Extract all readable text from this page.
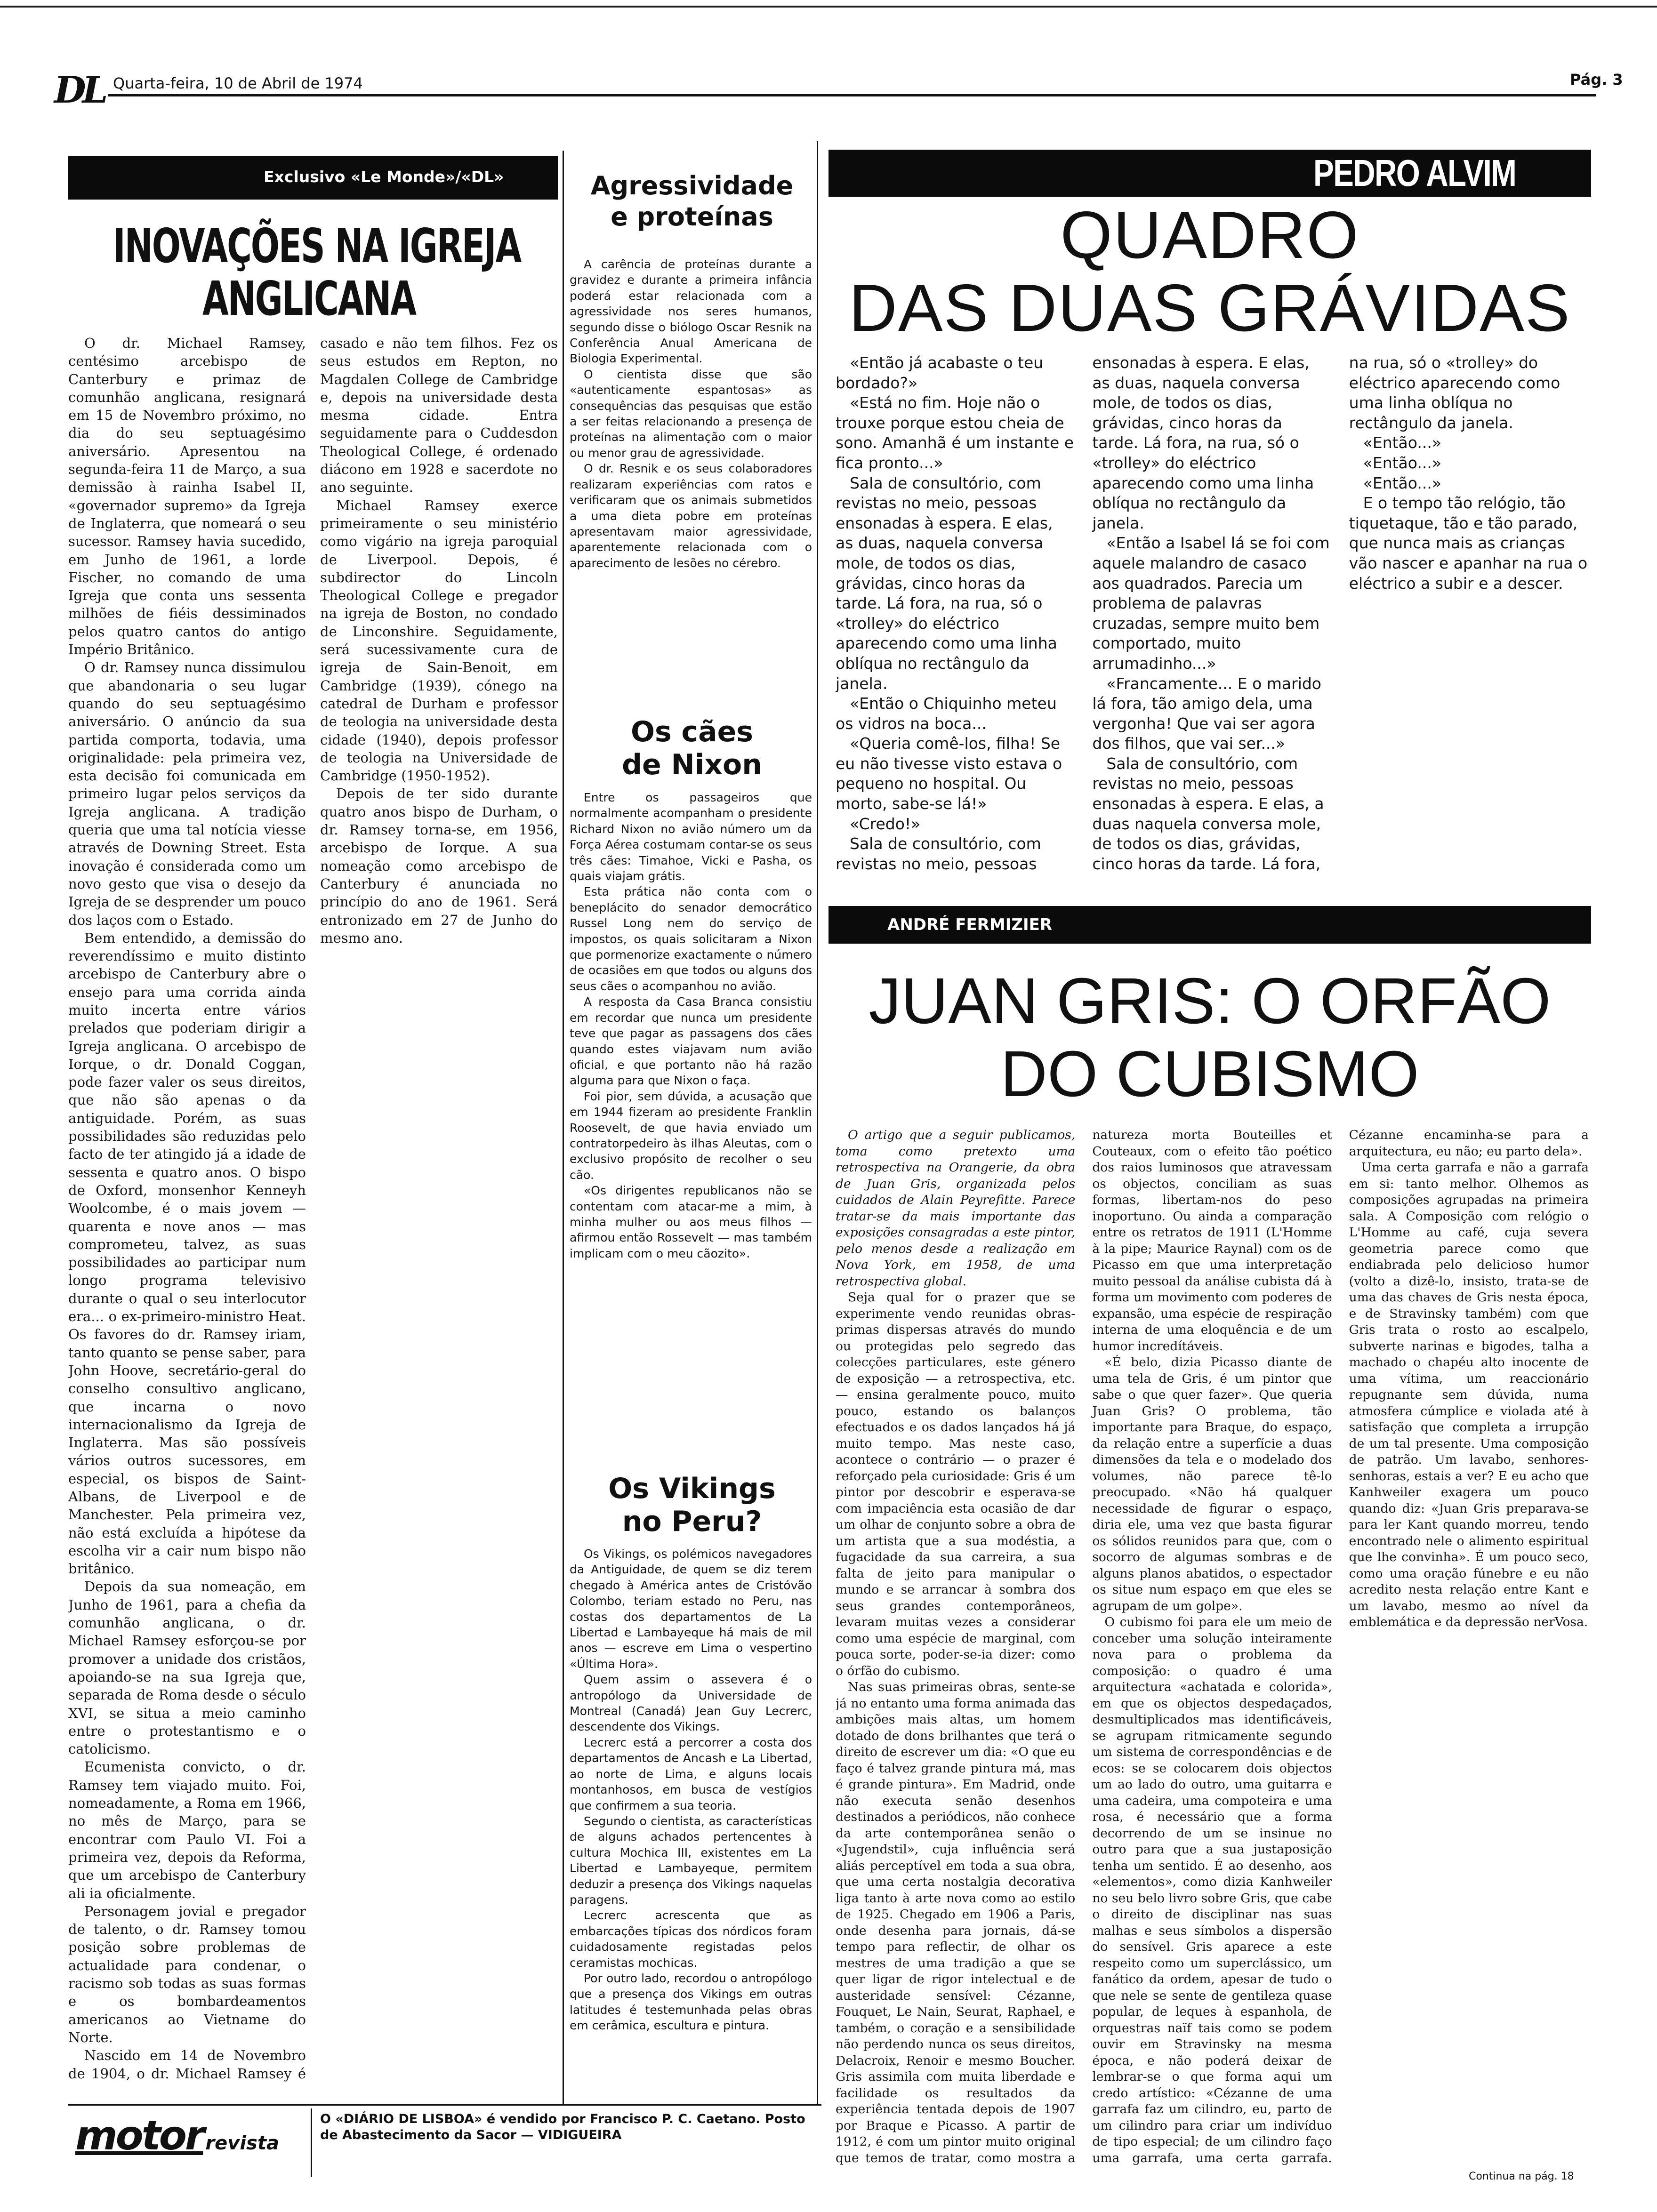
DL Quarta-feira, 10 de Abril de 1974	Pág. 3
Exclusivo «Le Monde»/«DL»
INOVAÇÕES NA IGREJA
ANGLICANA

O dr. Michael Ramsey, centésimo arcebispo de Canterbury e primaz de comunhão anglicana, resignará em 15 de Novembro próximo, no dia do seu septuagésimo aniversário. Apresentou na segunda-feira 11 de Março, a sua demissão à rainha Isabel II, «governador supremo» da Igreja de Inglaterra, que nomeará o seu sucessor. Ramsey havia sucedido, em Junho de 1961, a lorde Fischer, no comando de uma Igreja que conta uns sessenta milhões de fiéis dessiminados pelos quatro cantos do antigo Império Britânico.

O dr. Ramsey nunca dissimulou que abandonaria o seu lugar quando do seu septuagésimo aniversário. O anúncio da sua partida comporta, todavia, uma originalidade: pela primeira vez, esta decisão foi comunicada em primeiro lugar pelos serviços da Igreja anglicana. A tradição queria que uma tal notícia viesse através de Downing Street. Esta inovação é considerada como um novo gesto que visa o desejo da Igreja de se desprender um pouco dos laços com o Estado.

Bem entendido, a demissão do reverendíssimo e muito distinto arcebispo de Canterbury abre o ensejo para uma corrida ainda muito incerta entre vários prelados que poderiam dirigir a Igreja anglicana. O arcebispo de Iorque, o dr. Donald Coggan, pode fazer valer os seus direitos, que não são apenas o da antiguidade. Porém, as suas possibilidades são reduzidas pelo facto de ter atingido já a idade de sessenta e quatro anos. O bispo de Oxford, monsenhor Kenneyh Woolcombe, é o mais jovem — quarenta e nove anos — mas comprometeu, talvez, as suas possibilidades ao participar num longo programa televisivo durante o qual o seu interlocutor era... o ex-primeiro-ministro Heat. Os favores do dr. Ramsey iriam, tanto quanto se pense saber, para John Hoove, secretário-geral do conselho consultivo anglicano, que incarna o novo internacionalismo da Igreja de Inglaterra. Mas são possíveis vários outros sucessores, em especial, os bispos de Saint-Albans, de Liverpool e de Manchester. Pela primeira vez, não está excluída a hipótese da escolha vir a cair num bispo não britânico.

Depois da sua nomeação, em Junho de 1961, para a chefia da comunhão anglicana, o dr. Michael Ramsey esforçou-se por promover a unidade dos cristãos, apoiando-se na sua Igreja que, separada de Roma desde o século XVI, se situa a meio caminho entre o protestantismo e o catolicismo.

Ecumenista convicto, o dr. Ramsey tem viajado muito. Foi, nomeadamente, a Roma em 1966, no mês de Março, para se encontrar com Paulo VI. Foi a primeira vez, depois da Reforma, que um arcebispo de Canterbury ali ia oficialmente.

Personagem jovial e pregador de talento, o dr. Ramsey tomou posição sobre problemas de actualidade para condenar, o racismo sob todas as suas formas e os bombardeamentos americanos ao Vietname do Norte.

Nascido em 14 de Novembro de 1904, o dr. Michael Ramsey é casado e não tem filhos. Fez os seus estudos em Repton, no Magdalen College de Cambridge e, depois na universidade desta mesma cidade. Entra seguidamente para o Cuddesdon Theological College, é ordenado diácono em 1928 e sacerdote no ano seguinte.

Michael Ramsey exerce primeiramente o seu ministério como vigário na igreja paroquial de Liverpool. Depois, é subdirector do Lincoln Theological College e pregador na igreja de Boston, no condado de Linconshire. Seguidamente, será sucessivamente cura de igreja de Sain-Benoit, em Cambridge (1939), cónego na catedral de Durham e professor de teologia na universidade desta cidade (1940), depois professor de teologia na Universidade de Cambridge (1950-1952).

Depois de ter sido durante quatro anos bispo de Durham, o dr. Ramsey torna-se, em 1956, arcebispo de Iorque. A sua nomeação como arcebispo de Canterbury é anunciada no princípio do ano de 1961. Será entronizado em 27 de Junho do mesmo ano.

motor revista
O «DIÁRIO DE LISBOA» é vendido por Francisco P. C. Caetano. Posto de Abastecimento da Sacor — VIDIGUEIRA
Agressividade
e proteínas

A carência de proteínas durante a gravidez e durante a primeira infância poderá estar relacionada com a agressividade nos seres humanos, segundo disse o biólogo Oscar Resnik na Conferência Anual Americana de Biologia Experimental.

O cientista disse que são «autenticamente espantosas» as consequências das pesquisas que estão a ser feitas relacionando a presença de proteínas na alimentação com o maior ou menor grau de agressividade.

O dr. Resnik e os seus colaboradores realizaram experiências com ratos e verificaram que os animais submetidos a uma dieta pobre em proteínas apresentavam maior agressividade, aparentemente relacionada com o aparecimento de lesões no cérebro.

Os cães
de Nixon

Entre os passageiros que normalmente acompanham o presidente Richard Nixon no avião número um da Força Aérea costumam contar-se os seus três cães: Timahoe, Vicki e Pasha, os quais viajam grátis.

Esta prática não conta com o beneplácito do senador democrático Russel Long nem do serviço de impostos, os quais solicitaram a Nixon que pormenorize exactamente o número de ocasiões em que todos ou alguns dos seus cães o acompanhou no avião.

A resposta da Casa Branca consistiu em recordar que nunca um presidente teve que pagar as passagens dos cães quando estes viajavam num avião oficial, e que portanto não há razão alguma para que Nixon o faça.

Foi pior, sem dúvida, a acusação que em 1944 fizeram ao presidente Franklin Roosevelt, de que havia enviado um contratorpedeiro às ilhas Aleutas, com o exclusivo propósito de recolher o seu cão.

«Os dirigentes republicanos não se contentam com atacar-me a mim, à minha mulher ou aos meus filhos — afirmou então Rossevelt — mas também implicam com o meu cãozito».

Os Vikings
no Peru?

Os Vikings, os polémicos navegadores da Antiguidade, de quem se diz terem chegado à América antes de Cristóvão Colombo, teriam estado no Peru, nas costas dos departamentos de La Libertad e Lambayeque há mais de mil anos — escreve em Lima o vespertino «Última Hora».

Quem assim o assevera é o antropólogo da Universidade de Montreal (Canadá) Jean Guy Lecrerc, descendente dos Vikings.

Lecrerc está a percorrer a costa dos departamentos de Ancash e La Libertad, ao norte de Lima, e alguns locais montanhosos, em busca de vestígios que confirmem a sua teoria.

Segundo o cientista, as características de alguns achados pertencentes à cultura Mochica III, existentes em La Libertad e Lambayeque, permitem deduzir a presença dos Vikings naquelas paragens.

Lecrerc acrescenta que as embarcações típicas dos nórdicos foram cuidadosamente registadas pelos ceramistas mochicas.

Por outro lado, recordou o antropólogo que a presença dos Vikings em outras latitudes é testemunhada pelas obras em cerâmica, escultura e pintura.

PEDRO ALVIM
QUADRO
DAS DUAS GRÁVIDAS

«Então já acabaste o teu bordado?»

«Está no fim. Hoje não o trouxe porque estou cheia de sono. Amanhã é um instante e fica pronto...»

Sala de consultório, com revistas no meio, pessoas ensonadas à espera. E elas, as duas, naquela conversa mole, de todos os dias, grávidas, cinco horas da tarde. Lá fora, na rua, só o «trolley» do eléctrico aparecendo como uma linha oblíqua no rectângulo da janela.

«Então o Chiquinho meteu os vidros na boca...

«Queria comê-los, filha! Se eu não tivesse visto estava o pequeno no hospital. Ou morto, sabe-se lá!»

«Credo!»

Sala de consultório, com revistas no meio, pessoas ensonadas à espera. E elas, as duas, naquela conversa mole, de todos os dias, grávidas, cinco horas da tarde. Lá fora, na rua, só o «trolley» do eléctrico aparecendo como uma linha oblíqua no rectângulo da janela.

«Então a Isabel lá se foi com aquele malandro de casaco aos quadrados. Parecia um problema de palavras cruzadas, sempre muito bem comportado, muito arrumadinho...»

«Francamente... E o marido lá fora, tão amigo dela, uma vergonha! Que vai ser agora dos filhos, que vai ser...»

Sala de consultório, com revistas no meio, pessoas ensonadas à espera. E elas, a duas naquela conversa mole, de todos os dias, grávidas, cinco horas da tarde. Lá fora, na rua, só o «trolley» do eléctrico aparecendo como uma linha oblíqua no rectângulo da janela.

«Então...»

«Então...»

«Então...»

E o tempo tão relógio, tão tiquetaque, tão e tão parado, que nunca mais as crianças vão nascer e apanhar na rua o eléctrico a subir e a descer.

ANDRÉ FERMIZIER
JUAN GRIS: O ORFÃO
DO CUBISMO

O artigo que a seguir publicamos, toma como pretexto uma retrospectiva na Orangerie, da obra de Juan Gris, organizada pelos cuidados de Alain Peyrefitte. Parece tratar-se da mais importante das exposições consagradas a este pintor, pelo menos desde a realização em Nova York, em 1958, de uma retrospectiva global.

Seja qual for o prazer que se experimente vendo reunidas obras-primas dispersas através do mundo ou protegidas pelo segredo das colecções particulares, este género de exposição — a retrospectiva, etc. — ensina geralmente pouco, muito pouco, estando os balanços efectuados e os dados lançados há já muito tempo. Mas neste caso, acontece o contrário — o prazer é reforçado pela curiosidade: Gris é um pintor por descobrir e esperava-se com impaciência esta ocasião de dar um olhar de conjunto sobre a obra de um artista que a sua modéstia, a fugacidade da sua carreira, a sua falta de jeito para manipular o mundo e se arrancar à sombra dos seus grandes contemporâneos, levaram muitas vezes a considerar como uma espécie de marginal, com pouca sorte, poder-se-ia dizer: como o órfão do cubismo.

Nas suas primeiras obras, sente-se já no entanto uma forma animada das ambições mais altas, um homem dotado de dons brilhantes que terá o direito de escrever um dia: «O que eu faço é talvez grande pintura má, mas é grande pintura». Em Madrid, onde não executa senão desenhos destinados a periódicos, não conhece da arte contemporânea senão o «Jugendstil», cuja influência será aliás perceptível em toda a sua obra, que uma certa nostalgia decorativa liga tanto à arte nova como ao estilo de 1925. Chegado em 1906 a Paris, onde desenha para jornais, dá-se tempo para reflectir, de olhar os mestres de uma tradição a que se quer ligar de rigor intelectual e de austeridade sensível: Cézanne, Fouquet, Le Nain, Seurat, Raphael, e também, o coração e a sensibilidade não perdendo nunca os seus direitos, Delacroix, Renoir e mesmo Boucher. Gris assimila com muita liberdade e facilidade os resultados da experiência tentada depois de 1907 por Braque e Picasso. A partir de 1912, é com um pintor muito original que temos de tratar, como mostra a natureza morta Bouteilles et Couteaux, com o efeito tão poético dos raios luminosos que atravessam os objectos, conciliam as suas formas, libertam-nos do peso inoportuno. Ou ainda a comparação entre os retratos de 1911 (L'Homme à la pipe; Maurice Raynal) com os de Picasso em que uma interpretação muito pessoal da análise cubista dá à forma um movimento com poderes de expansão, uma espécie de respiração interna de uma eloquência e de um humor incredítáveis.

«É belo, dizia Picasso diante de uma tela de Gris, é um pintor que sabe o que quer fazer». Que queria Juan Gris? O problema, tão importante para Braque, do espaço, da relação entre a superfície a duas dimensões da tela e o modelado dos volumes, não parece tê-lo preocupado. «Não há qualquer necessidade de figurar o espaço, diria ele, uma vez que basta figurar os sólidos reunidos para que, com o socorro de algumas sombras e de alguns planos abatidos, o espectador os situe num espaço em que eles se agrupam de um golpe».

O cubismo foi para ele um meio de conceber uma solução inteiramente nova para o problema da composição: o quadro é uma arquitectura «achatada e colorida», em que os objectos despedaçados, desmultiplicados mas identificáveis, se agrupam ritmicamente segundo um sistema de correspondências e de ecos: se se colocarem dois objectos um ao lado do outro, uma guitarra e uma cadeira, uma compoteira e uma rosa, é necessário que a forma decorrendo de um se insinue no outro para que a sua justaposição tenha um sentido. É ao desenho, aos «elementos», como dizia Kanhweiler no seu belo livro sobre Gris, que cabe o direito de disciplinar nas suas malhas e seus símbolos a dispersão do sensível. Gris aparece a este respeito como um superclássico, um fanático da ordem, apesar de tudo o que nele se sente de gentileza quase popular, de leques à espanhola, de orquestras naïf tais como se podem ouvir em Stravinsky na mesma época, e não poderá deixar de lembrar-se o que forma aqui um credo artístico: «Cézanne de uma garrafa faz um cilindro, eu, parto de um cilindro para criar um indivíduo de tipo especial; de um cilindro faço uma garrafa, uma certa garrafa. Cézanne encaminha-se para a arquitectura, eu não; eu parto dela».

Uma certa garrafa e não a garrafa em si: tanto melhor. Olhemos as composições agrupadas na primeira sala. A Composição com relógio o L'Homme au café, cuja severa geometria parece como que endiabrada pelo delicioso humor (volto a dizê-lo, insisto, trata-se de uma das chaves de Gris nesta época, e de Stravinsky também) com que Gris trata o rosto ao escalpelo, subverte narinas e bigodes, talha a machado o chapéu alto inocente de uma vítima, um reaccionário repugnante sem dúvida, numa atmosfera cúmplice e violada até à satisfação que completa a irrupção de um tal presente. Uma composição de patrão. Um lavabo, senhores-senhoras, estais a ver? E eu acho que Kanhweiler exagera um pouco quando diz: «Juan Gris preparava-se para ler Kant quando morreu, tendo encontrado nele o alimento espiritual que lhe convinha». É um pouco seco, como uma oração fúnebre e eu não acredito nesta relação entre Kant e um lavabo, mesmo ao nível da emblemática e da depressão nerVosa.

Continua na pág. 18
